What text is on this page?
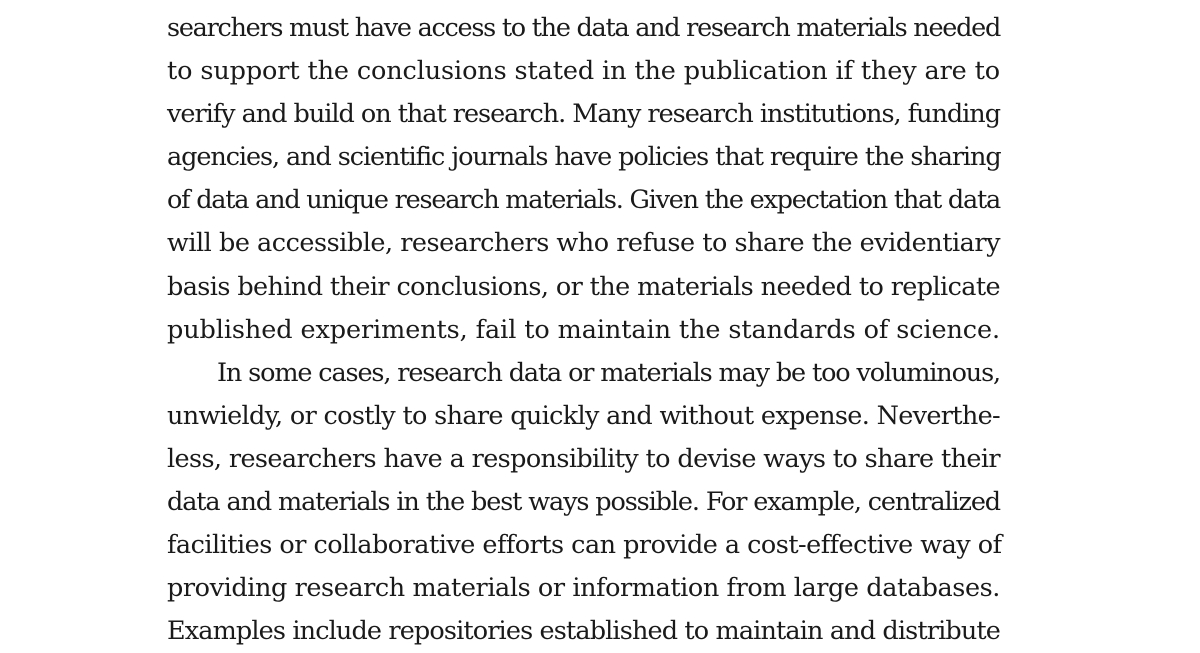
searchers must have access to the data and research materials needed
to support the conclusions stated in the publication if they are to
verify and build on that research. Many research institutions, funding
agencies, and scientific journals have policies that require the sharing
of data and unique research materials. Given the expectation that data
will be accessible, researchers who refuse to share the evidentiary
basis behind their conclusions, or the materials needed to replicate
published experiments, fail to maintain the standards of science.
In some cases, research data or materials may be too voluminous,
unwieldy, or costly to share quickly and without expense. Neverthe-
less, researchers have a responsibility to devise ways to share their
data and materials in the best ways possible. For example, centralized
facilities or collaborative efforts can provide a cost-effective way of
providing research materials or information from large databases.
Examples include repositories established to maintain and distribute
